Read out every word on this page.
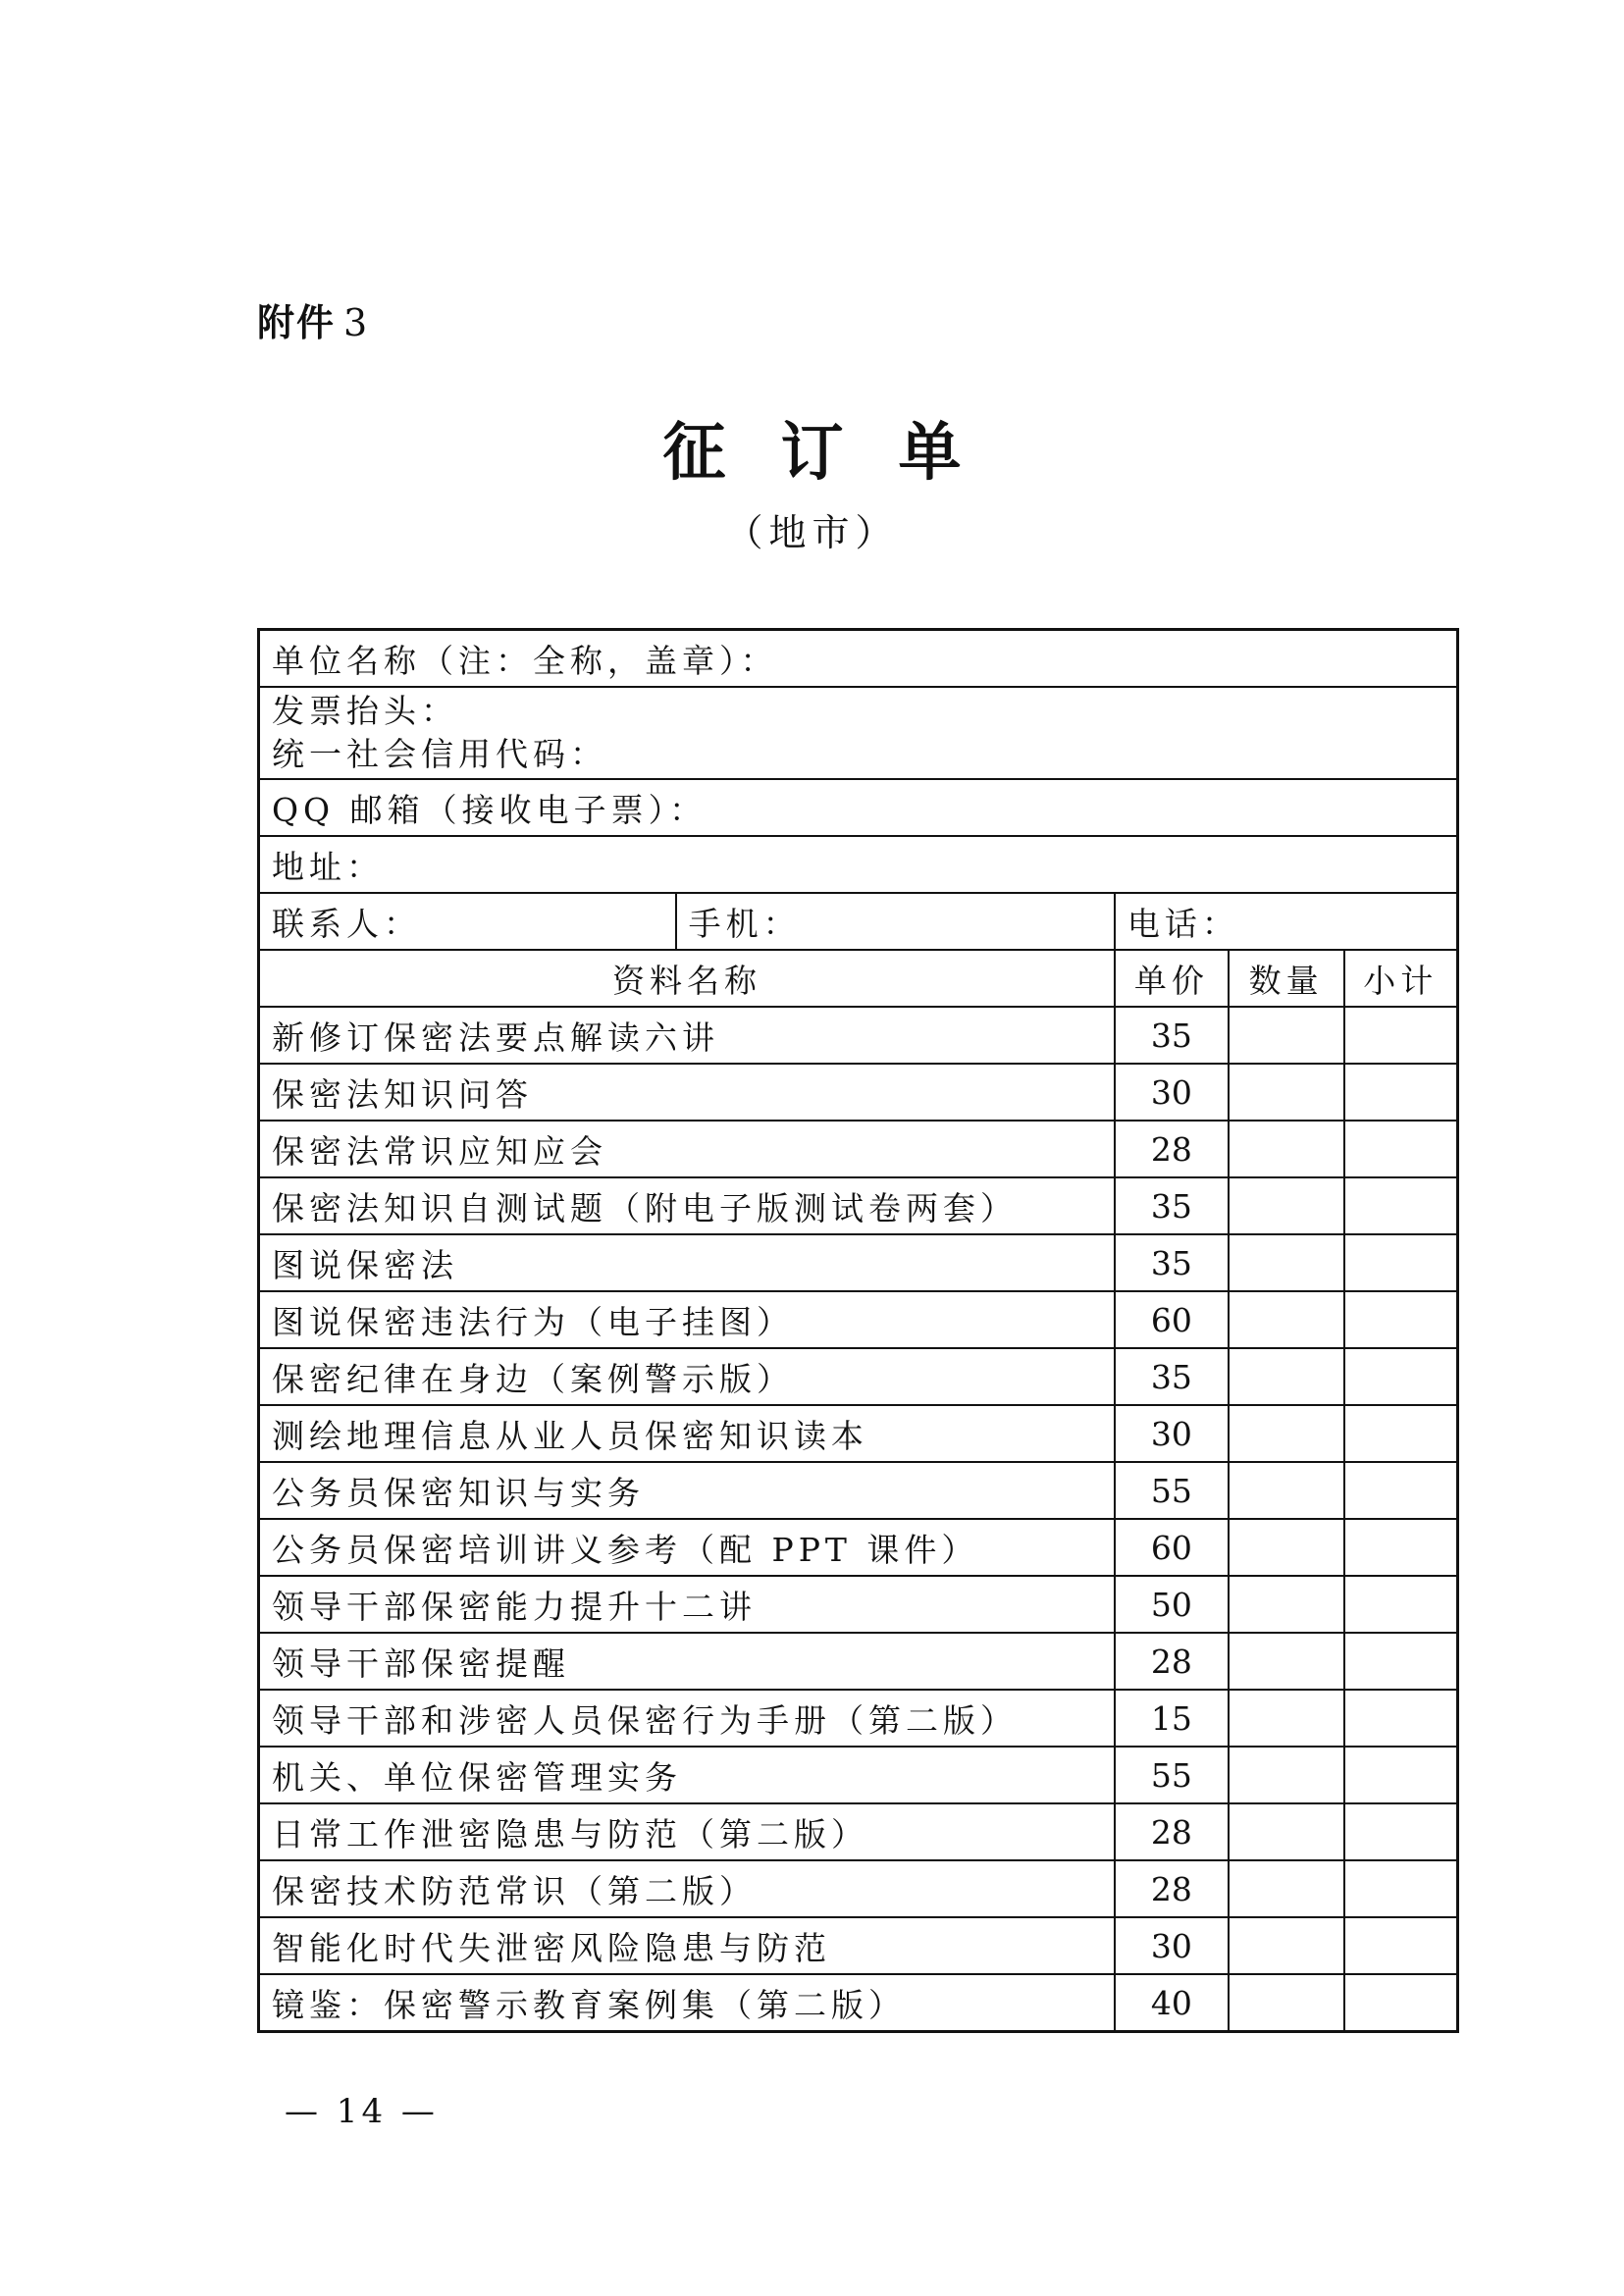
附件 3
征订单
（地市）
单位名称（注：全称，盖章）：				

发票抬头：
统一社会信用代码：				

QQ 邮箱（接收电子票）：				
地址：				
联系人：	手机：	电话：		
资料名称		单价	数量	小计
新修订保密法要点解读六讲		35		
保密法知识问答		30		
保密法常识应知应会		28		
保密法知识自测试题（附电子版测试卷两套）		35		
图说保密法		35		
图说保密违法行为（电子挂图）		60		
保密纪律在身边（案例警示版）		35		
测绘地理信息从业人员保密知识读本		30		
公务员保密知识与实务		55		
公务员保密培训讲义参考（配 PPT 课件）		60		
领导干部保密能力提升十二讲		50		
领导干部保密提醒		28		
领导干部和涉密人员保密行为手册（第二版）		15		
机关、单位保密管理实务		55		
日常工作泄密隐患与防范（第二版）		28		
保密技术防范常识（第二版）		28		
智能化时代失泄密风险隐患与防范		30		
镜鉴：保密警示教育案例集（第二版）		40		
— 14 —
